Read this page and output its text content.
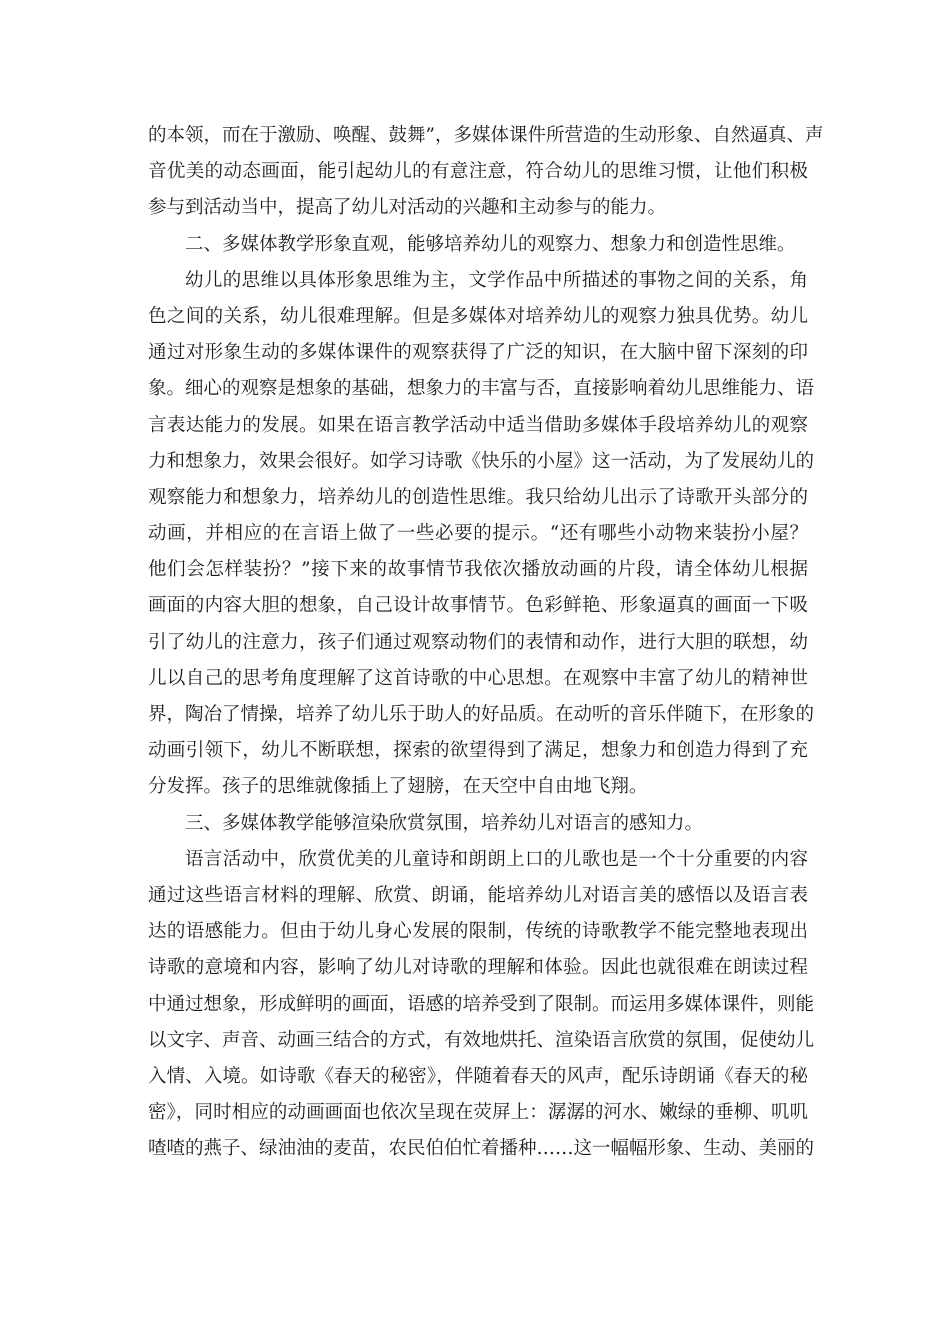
的本领，而在于激励、唤醒、鼓舞”，多媒体课件所营造的生动形象、自然逼真、声
音优美的动态画面，能引起幼儿的有意注意，符合幼儿的思维习惯，让他们积极
参与到活动当中，提高了幼儿对活动的兴趣和主动参与的能力。
二、多媒体教学形象直观，能够培养幼儿的观察力、想象力和创造性思维。
幼儿的思维以具体形象思维为主，文学作品中所描述的事物之间的关系，角
色之间的关系，幼儿很难理解。但是多媒体对培养幼儿的观察力独具优势。幼儿
通过对形象生动的多媒体课件的观察获得了广泛的知识，在大脑中留下深刻的印
象。细心的观察是想象的基础，想象力的丰富与否，直接影响着幼儿思维能力、语
言表达能力的发展。如果在语言教学活动中适当借助多媒体手段培养幼儿的观察
力和想象力，效果会很好。如学习诗歌《快乐的小屋》这一活动，为了发展幼儿的
观察能力和想象力，培养幼儿的创造性思维。我只给幼儿出示了诗歌开头部分的
动画，并相应的在言语上做了一些必要的提示。“还有哪些小动物来装扮小屋？
他们会怎样装扮？”接下来的故事情节我依次播放动画的片段，请全体幼儿根据
画面的内容大胆的想象，自己设计故事情节。色彩鲜艳、形象逼真的画面一下吸
引了幼儿的注意力，孩子们通过观察动物们的表情和动作，进行大胆的联想，幼
儿以自己的思考角度理解了这首诗歌的中心思想。在观察中丰富了幼儿的精神世
界，陶冶了情操，培养了幼儿乐于助人的好品质。在动听的音乐伴随下，在形象的
动画引领下，幼儿不断联想，探索的欲望得到了满足，想象力和创造力得到了充
分发挥。孩子的思维就像插上了翅膀，在天空中自由地飞翔。
三、多媒体教学能够渲染欣赏氛围，培养幼儿对语言的感知力。
语言活动中，欣赏优美的儿童诗和朗朗上口的儿歌也是一个十分重要的内容
通过这些语言材料的理解、欣赏、朗诵，能培养幼儿对语言美的感悟以及语言表
达的语感能力。但由于幼儿身心发展的限制，传统的诗歌教学不能完整地表现出
诗歌的意境和内容，影响了幼儿对诗歌的理解和体验。因此也就很难在朗读过程
中通过想象，形成鲜明的画面，语感的培养受到了限制。而运用多媒体课件，则能
以文字、声音、动画三结合的方式，有效地烘托、渲染语言欣赏的氛围，促使幼儿
入情、入境。如诗歌《春天的秘密》，伴随着春天的风声，配乐诗朗诵《春天的秘
密》，同时相应的动画画面也依次呈现在荧屏上：潺潺的河水、嫩绿的垂柳、叽叽
喳喳的燕子、绿油油的麦苗，农民伯伯忙着播种……这一幅幅形象、生动、美丽的
